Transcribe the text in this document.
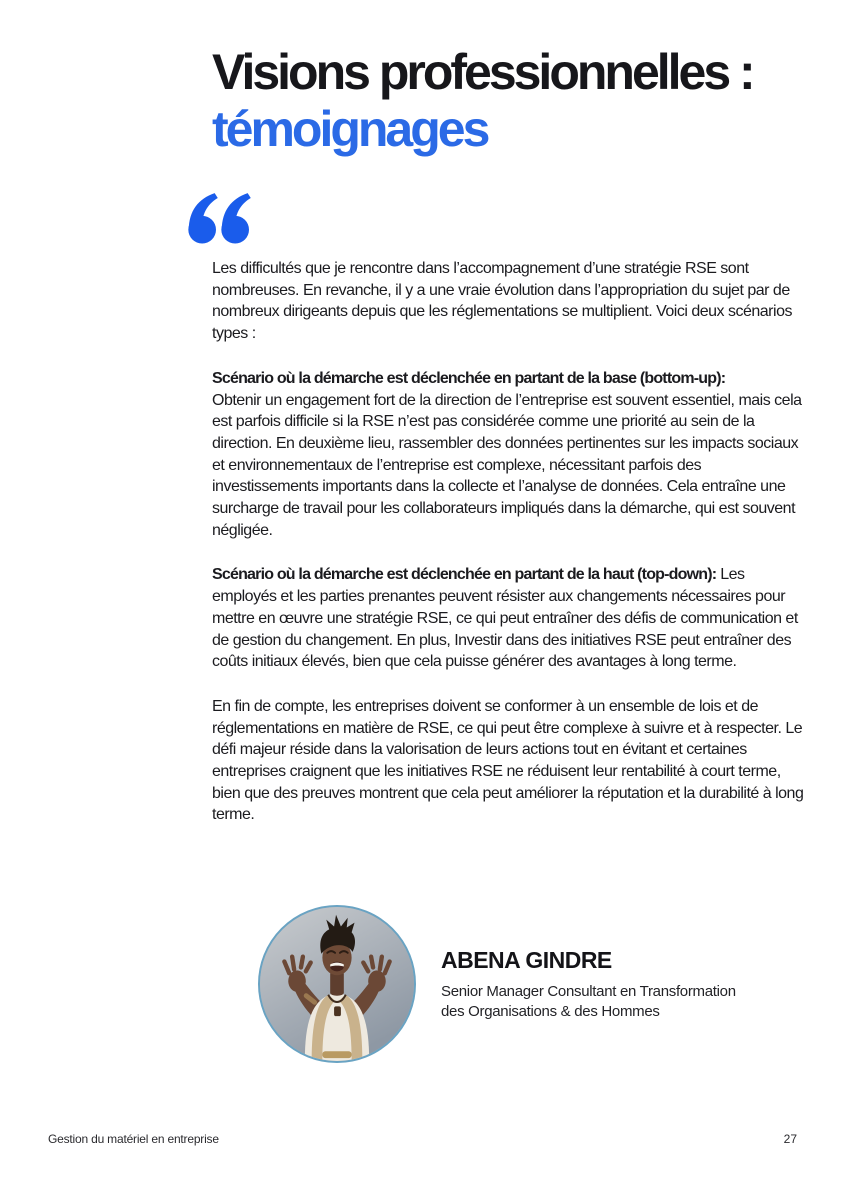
Visions professionnelles :
témoignages

Les difficultés que je rencontre dans l’accompagnement d’une stratégie RSE sont nombreuses. En revanche, il y a une vraie évolution dans l’appropriation du sujet par de nombreux dirigeants depuis que les réglementations se multiplient. Voici deux scénarios types :

Scénario où la démarche est déclenchée en partant de la base (bottom-up):
Obtenir un engagement fort de la direction de l’entreprise est souvent essentiel, mais cela est parfois difficile si la RSE n’est pas considérée comme une priorité au sein de la direction. En deuxième lieu, rassembler des données pertinentes sur les impacts sociaux et environnementaux de l’entreprise est complexe, nécessitant parfois des investissements importants dans la collecte et l’analyse de données. Cela entraîne une surcharge de travail pour les collaborateurs impliqués dans la démarche, qui est souvent négligée.

Scénario où la démarche est déclenchée en partant de la haut (top-down): Les employés et les parties prenantes peuvent résister aux changements nécessaires pour mettre en œuvre une stratégie RSE, ce qui peut entraîner des défis de communication et de gestion du changement. En plus, Investir dans des initiatives RSE peut entraîner des coûts initiaux élevés, bien que cela puisse générer des avantages à long terme.

En fin de compte, les entreprises doivent se conformer à un ensemble de lois et de réglementations en matière de RSE, ce qui peut être complexe à suivre et à respecter. Le défi majeur réside dans la valorisation de leurs actions tout en évitant et certaines entreprises craignent que les initiatives RSE ne réduisent leur rentabilité à court terme, bien que des preuves montrent que cela peut améliorer la réputation et la durabilité à long terme.

ABENA GINDRE
Senior Manager Consultant en Transformation des Organisations & des Hommes
Gestion du matériel en entreprise	27
